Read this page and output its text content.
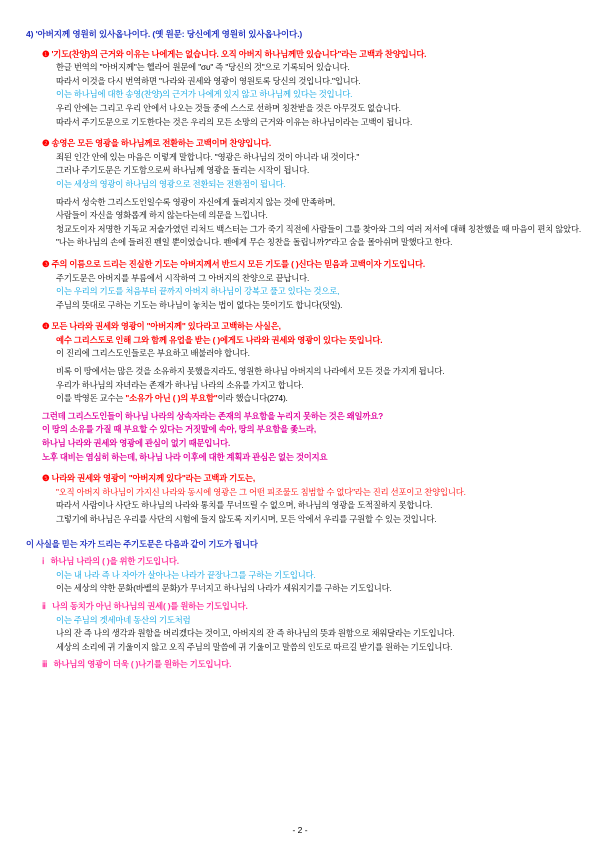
4) '아버지께 영원히 있사옵나이다. (옛 원문: 당신에게 영원히 있사옵나이다.)
❶ '기도(찬양)의 근거와 이유는 나에게는 없습니다. 오직 아버지 하나님께만 있습니다"라는 고백과 찬양입니다.
한글 번역의 "아버지께"는 헬라어 원문에 "συ" 즉 "당신의 것"으로 기록되어 있습니다.
따라서 이것을 다시 번역하면 "나라와 권세와 영광이 영원토록 당신의 것입니다."입니다.
이는 하나님에 대한 송영(찬양)의 근거가 나에게 있지 않고 하나님께 있다는 것입니다.
우리 안에는 그리고 우리 안에서 나오는 것들 중에 스스로 선하며 칭찬받을 것은 아무것도 없습니다.
따라서 주기도문으로 기도한다는 것은 우리의 모든 소망의 근거와 이유는 하나님이라는 고백이 됩니다.
❷ 송영은 모든 영광을 하나님께로 전환하는 고백이며 찬양입니다.
죄된 인간 안에 있는 마음은 이렇게 말합니다. "영광은 하나님의 것이 아니라 내 것이다."
그러나 주기도문은 기도함으로써 하나님께 영광을 돌리는 시작이 됩니다.
이는 세상의 영광이 하나님의 영광으로 전환되는 전환점이 됩니다.
따라서 성숙한 그리스도인일수록 영광이 자신에게 둘려지지 않는 것에 만족하며,
사람들이 자신을 영화롭게 하지 않는다는데 의문을 느낍니다.
청교도이자 저명한 기독교 저술가였던 리처드 백스터는 그가 죽기 직전에 사람들이 그를 찾아와 그의 여러 저서에 대해 칭찬했을 때 마음이 편치 않았다.
"나는 하나님의 손에 들려진 펜일 뿐이었습니다. 펜에게 무슨 칭찬을 돌립니까?"라고 숨을 몰아쉬며 말했다고 한다.
❸ 주의 이름으로 드리는 진실한 기도는 아버지께서 반드시 모든 기도를 ( )신다는 믿음과 고백이자 기도입니다.
주기도문은 아버지를 부름에서 시작하여 그 아버지의 찬양으로 끝납니다.
이는 우리의 기도를 처음부터 끝까지 아버지 하나님이 강복고 풀고 있다는 것으로,
주님의 뜻대로 구하는 기도는 하나님이 놓치는 법이 없다는 뜻이기도 합니다(덧일).
❹ 모든 나라와 권세와 영광이 "아버지께" 있다라고 고백하는 사실은,
예수 그리스도로 인해 그와 함께 유업을 받는 ( )에게도 나라와 권세와 영광이 있다는 뜻입니다.
이 진리에 그리스도인들로은 부요하고 배불러야 합니다.
비록 이 땅에서는 많은 것을 소유하지 못했을지라도, 영원한 하나님 아버지의 나라에서 모든 것을 가지게 됩니다.
우리가 하나님의 자녀라는 존재가 하나님 나라의 소유를 가지고 합니다.
이를 박영돈 교수는 "소유가 아닌 ( )의 부요함"이라 했습니다(274).
그런데 그리스도인들이 하나님 나라의 상속자라는 존재의 부요함을 누리지 못하는 것은 왜일까요?
이 땅의 소유를 가질 때 부요할 수 있다는 거짓말에 속아, 땅의 부요함을 좇느라,
하나님 나라와 권세와 영광에 관심이 없기 때문입니다.
노후 대비는 염심히 하는데, 하나님 나라 이후에 대한 계획과 관심은 없는 것이지요
❺ 나라와 권세와 영광이 "아버지께 있다"라는 고백과 기도는,
"오직 아버지 하나님이 가지신 나라와 동시에 영광은 그 어떤 피조물도 침범할 수 없다"라는 진리 선포이고 찬양입니다.
따라서 사람이나 사단도 하나님의 나라와 통치를 무너뜨릴 수 없으며, 하나님의 영광을 도적질하지 못합니다.
그렇기에 하나님은 우리를 사단의 시험에 들지 않도록 지키시며, 모든 악에서 우리를 구원할 수 있는 것입니다.
이 사실을 믿는 자가 드리는 주기도문은 다음과 같이 기도가 됩니다
ⅰ 하나님 나라의 ( )을 위한 기도입니다.
이는 내 나라 즉 나 자아가 살아나는 나라가 끝장나그를 구하는 기도입니다.
이는 세상의 약한 문화(바벨의 문화)가 무너지고 하나님의 나라가 세워지기를 구하는 기도입니다.
ⅱ 나의 동치가 아닌 하나님의 권세( )를 원하는 기도입니다.
이는 주님의 겟세마네 동산의 기도처럼
나의 잔 즉 나의 생각과 원함을 버리겠다는 것이고, 아버지의 잔 즉 하나님의 뜻과 원함으로 채워달라는 기도입니다.
세상의 소리에 귀 기울이지 않고 오직 주님의 말씀에 귀 기울이고 말씀의 인도로 따르길 받기를 원하는 기도입니다.
ⅲ 하나님의 영광이 더욱 ( )나기를 원하는 기도입니다.
- 2 -
